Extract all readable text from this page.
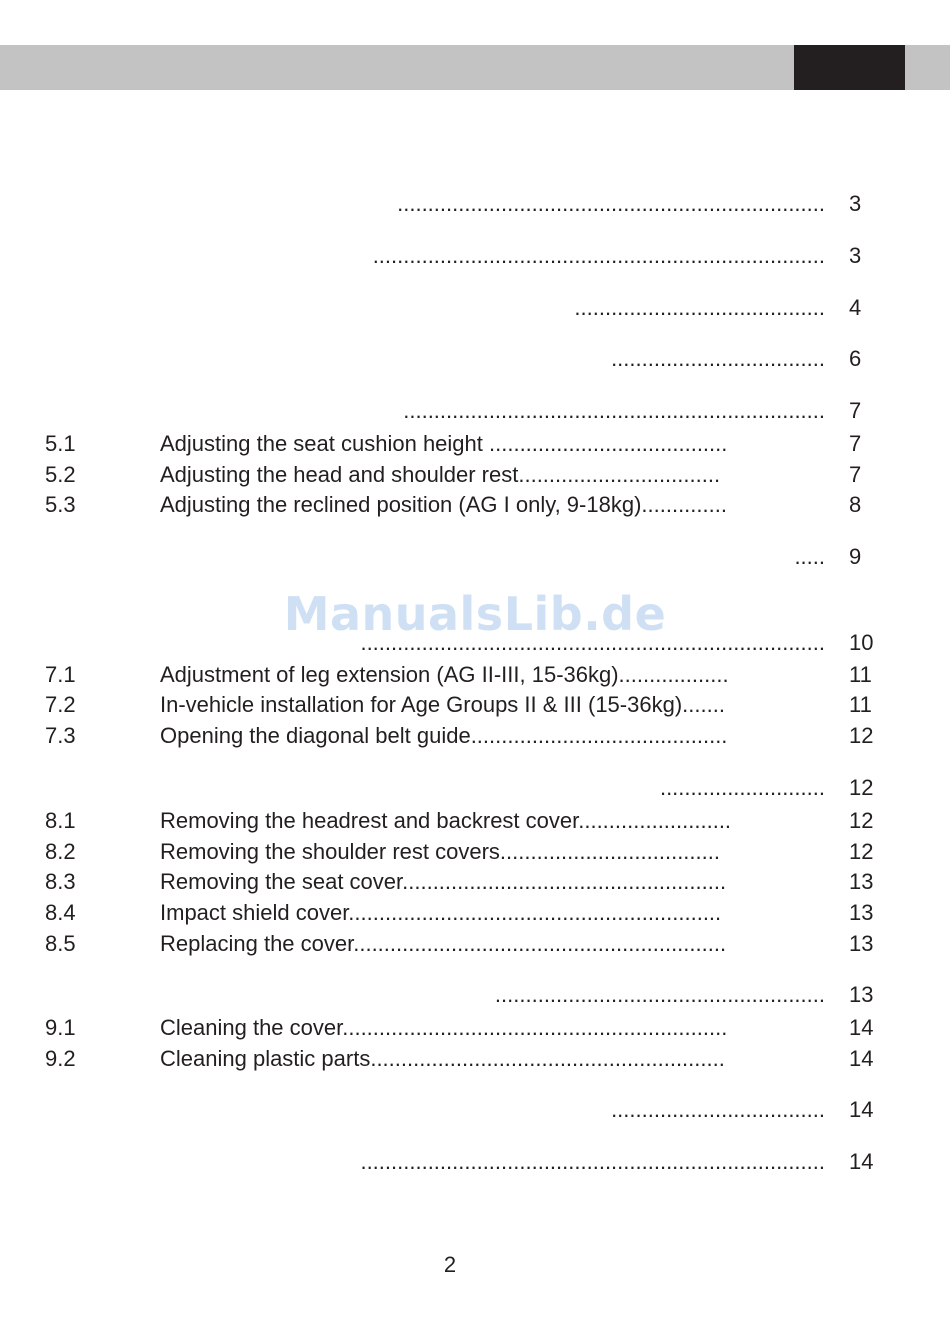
...................................................................... 3
.......................................................................... 3
......................................... 4
................................... 6
..................................................................... 7
5.1	Adjusting the seat cushion height .......................................	7
5.2	Adjusting the head and shoulder rest.................................	7
5.3	Adjusting the reclined position (AG I only, 9-18kg)..............	8
..... 9
............................................................................ 10
7.1	Adjustment of leg extension (AG II-III, 15-36kg)..................	11
7.2	In-vehicle installation for Age Groups II & III (15-36kg).......	11
7.3	Opening the diagonal belt guide..........................................	12
........................... 12
8.1	Removing the headrest and backrest cover.........................	12
8.2	Removing the shoulder rest covers....................................	12
8.3	Removing the seat cover.....................................................	13
8.4	Impact shield cover.............................................................	13
8.5	Replacing the cover.............................................................	13
...................................................... 13
9.1	Cleaning the cover...............................................................	14
9.2	Cleaning plastic parts..........................................................	14
................................... 14
............................................................................ 14
ManualsLib.de
2
